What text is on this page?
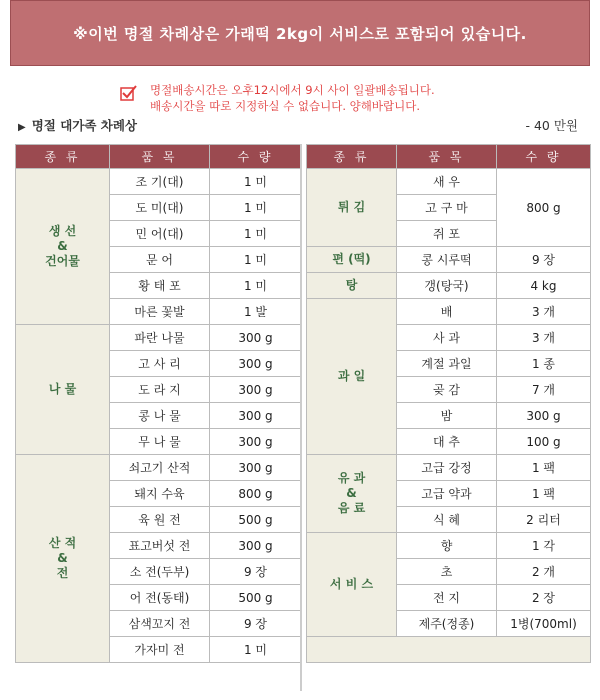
※이번 명절 차례상은 가래떡 2kg이 서비스로 포함되어 있습니다.
명절배송시간은 오후12시에서 9시 사이 일괄배송됩니다.
배송시간을 따로 지정하실 수 없습니다. 양해바랍니다.
▶ 명절 대가족 차례상	- 40 만원
종 류	품 목	수 량
생 선
&
건어물	조 기(대)	1 미
	도 미(대)	1 미
	민 어(대)	1 미
	문 어	1 미
	황 태 포	1 미
	마른 꽃발	1 발
나 물	파란 나물	300 g
	고 사 리	300 g
	도 라 지	300 g
	콩 나 물	300 g
	무 나 물	300 g
산 적
&
전	쇠고기 산적	300 g
	돼지 수육	800 g
	육 원 전	500 g
	표고버섯 전	300 g
	소 전(두부)	9 장
	어 전(동태)	500 g
	삼색꼬지 전	9 장
	가자미 전	1 미
종 류	품 목	수 량
튀 김	새 우	800 g
	고 구 마	
	쥐 포	
편 (떡)	콩 시루떡	9 장
탕	갱(탕국)	4 kg
과 일	배	3 개
	사 과	3 개
	계절 과일	1 종
	곶 감	7 개
	밤	300 g
	대 추	100 g
유 과
&
음 료	고급 강정	1 팩
	고급 약과	1 팩
	식 혜	2 리터
서 비 스	향	1 각
	초	2 개
	전 지	2 장
	제주(정종)	1병(700ml)
